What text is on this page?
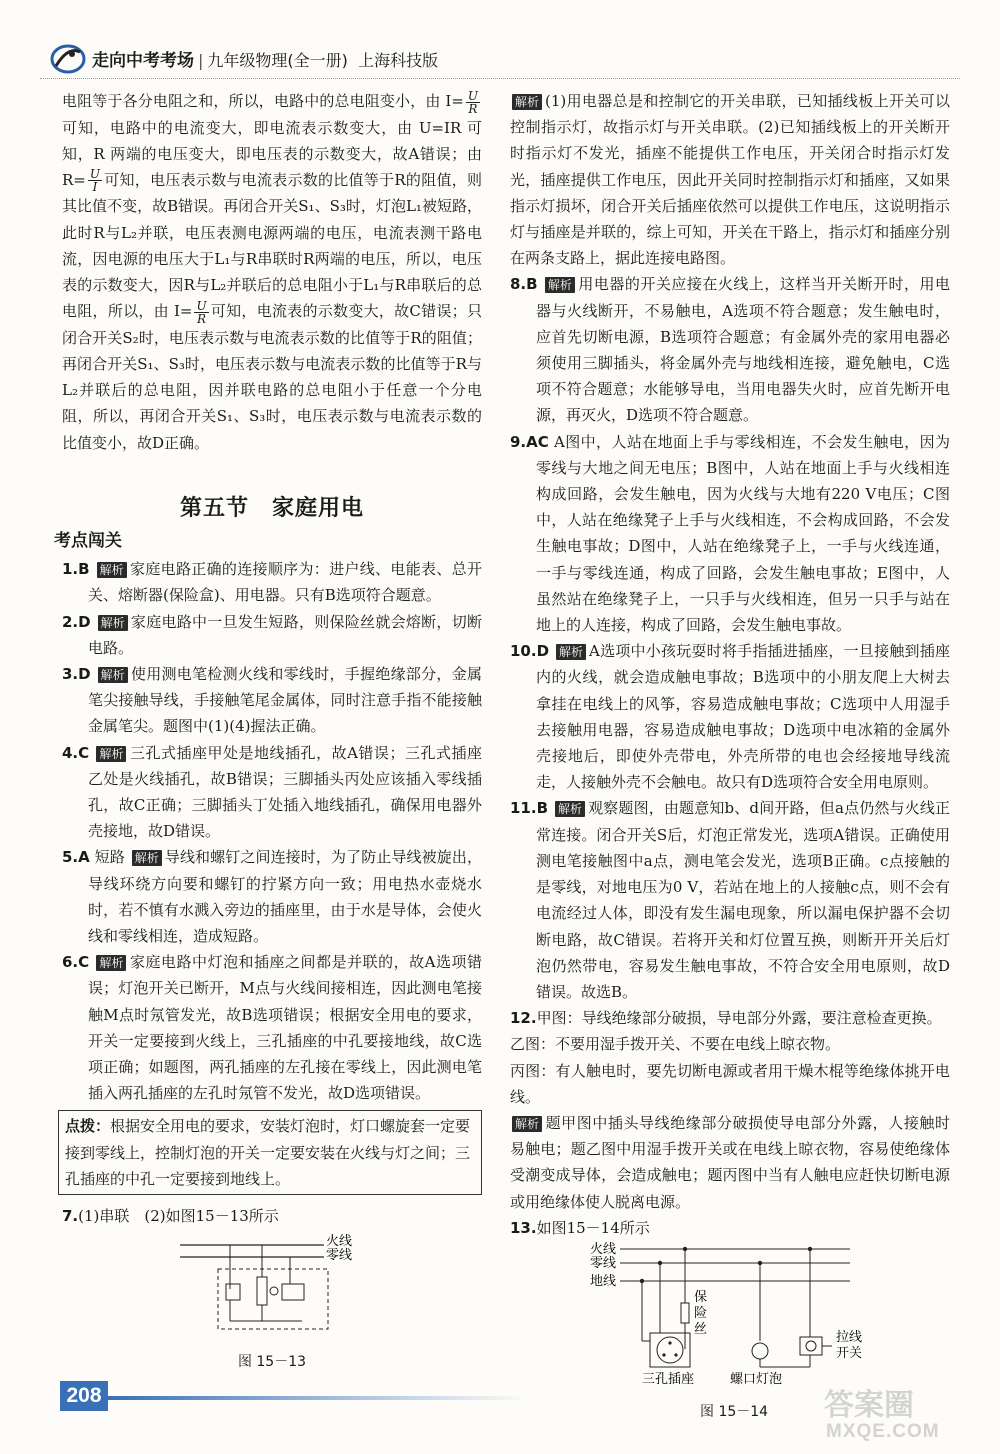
走向中考考场 | 九年级物理(全一册) 上海科技版

电阻等于各分电阻之和，所以，电路中的总电阻变小，由 $I= \frac{U}{R}$
可知，电路中的电流变大，即电流表示数变大，由 U=IR 可知，R 两端的电压变大，即电压表的示数变大，故A错误；由 $R= \frac{U}{I}$ 可知，电压表示数与电流表示数的比值等于R的阻值，则其比值不变，故B错误。再闭合开关S₁、S₃时，灯泡L₁被短路，此时R与L₂并联，电压表测电源两端的电压，电流表测干路电流，因电源的电压大于L₁与R串联时R两端的电压，所以，电压表的示数变大，因R与L₂并联后的总电阻小于L₁与R串联后的总电阻，所以，由 $I= \frac{U}{R}$ 可知，电流表的示数变大，故C错误；只闭合开关S₂时，电压表示数与电流表示数的比值等于R的阻值；再闭合开关S₁、S₃时，电压表示数与电流表示数的比值等于R与L₂并联后的总电阻，因并联电路的总电阻小于任意一个分电阻，所以，再闭合开关S₁、S₃时，电压表示数与电流表示数的比值变小，故D正确。

第五节　家庭用电
考点闯关

1.B 解析 家庭电路正确的连接顺序为：进户线、电能表、总开关、熔断器(保险盒)、用电器。只有B选项符合题意。

2.D 解析 家庭电路中一旦发生短路，则保险丝就会熔断，切断电路。

3.D 解析 使用测电笔检测火线和零线时，手握绝缘部分，金属笔尖接触导线，手接触笔尾金属体，同时注意手指不能接触金属笔尖。题图中(1)(4)握法正确。

4.C 解析 三孔式插座甲处是地线插孔，故A错误；三孔式插座乙处是火线插孔，故B错误；三脚插头丙处应该插入零线插孔，故C正确；三脚插头丁处插入地线插孔，确保用电器外壳接地，故D错误。

5.A 短路 解析 导线和螺钉之间连接时，为了防止导线被旋出，导线环绕方向要和螺钉的拧紧方向一致；用电热水壶烧水时，若不慎有水溅入旁边的插座里，由于水是导体，会使火线和零线相连，造成短路。

6.C 解析 家庭电路中灯泡和插座之间都是并联的，故A选项错误；灯泡开关已断开，M点与火线间接相连，因此测电笔接触M点时氖管发光，故B选项错误；根据安全用电的要求，开关一定要接到火线上，三孔插座的中孔要接地线，故C选项正确；如题图，两孔插座的左孔接在零线上，因此测电笔插入两孔插座的左孔时氖管不发光，故D选项错误。

点拨：根据安全用电的要求，安装灯泡时，灯口螺旋套一定要接到零线上，控制灯泡的开关一定要安装在火线与灯之间；三孔插座的中孔一定要接到地线上。

7.(1)串联　(2)如图15－13所示

火线
零线
图 15－13

解析 (1)用电器总是和控制它的开关串联，已知插线板上开关可以控制指示灯，故指示灯与开关串联。(2)已知插线板上的开关断开时指示灯不发光，插座不能提供工作电压，开关闭合时指示灯发光，插座提供工作电压，因此开关同时控制指示灯和插座，又如果指示灯损坏，闭合开关后插座依然可以提供工作电压，这说明指示灯与插座是并联的，综上可知，开关在干路上，指示灯和插座分别在两条支路上，据此连接电路图。

8.B 解析 用电器的开关应接在火线上，这样当开关断开时，用电器与火线断开，不易触电，A选项不符合题意；发生触电时，应首先切断电源，B选项符合题意；有金属外壳的家用电器必须使用三脚插头，将金属外壳与地线相连接，避免触电，C选项不符合题意；水能够导电，当用电器失火时，应首先断开电源，再灭火，D选项不符合题意。

9.AC A图中，人站在地面上手与零线相连，不会发生触电，因为零线与大地之间无电压；B图中，人站在地面上手与火线相连构成回路，会发生触电，因为火线与大地有220 V电压；C图中，人站在绝缘凳子上手与火线相连，不会构成回路，不会发生触电事故；D图中，人站在绝缘凳子上，一手与火线连通，一手与零线连通，构成了回路，会发生触电事故；E图中，人虽然站在绝缘凳子上，一只手与火线相连，但另一只手与站在地上的人连接，构成了回路，会发生触电事故。

10.D 解析 A选项中小孩玩耍时将手指插进插座，一旦接触到插座内的火线，就会造成触电事故；B选项中的小朋友爬上大树去拿挂在电线上的风筝，容易造成触电事故；C选项中人用湿手去接触用电器，容易造成触电事故；D选项中电冰箱的金属外壳接地后，即使外壳带电，外壳所带的电也会经接地导线流走，人接触外壳不会触电。故只有D选项符合安全用电原则。

11.B 解析 观察题图，由题意知b、d间开路，但a点仍然与火线正常连接。闭合开关S后，灯泡正常发光，选项A错误。正确使用测电笔接触图中a点，测电笔会发光，选项B正确。c点接触的是零线，对地电压为0 V，若站在地上的人接触c点，则不会有电流经过人体，即没有发生漏电现象，所以漏电保护器不会切断电路，故C错误。若将开关和灯位置互换，则断开开关后灯泡仍然带电，容易发生触电事故，不符合安全用电原则，故D错误。故选B。

12.甲图：导线绝缘部分破损，导电部分外露，要注意检查更换。

乙图：不要用湿手拨开关、不要在电线上晾衣物。

丙图：有人触电时，要先切断电源或者用干燥木棍等绝缘体挑开电线。

解析 题甲图中插头导线绝缘部分破损使导电部分外露，人接触时易触电；题乙图中用湿手拨开关或在电线上晾衣物，容易使绝缘体受潮变成导体，会造成触电；题丙图中当有人触电应赶快切断电源或用绝缘体使人脱离电源。

13.如图15－14所示

火线
零线
地线
保
险
丝
拉线
开关
三孔插座	螺口灯泡
图 15－14
208	答案圈
MXQE.COM
